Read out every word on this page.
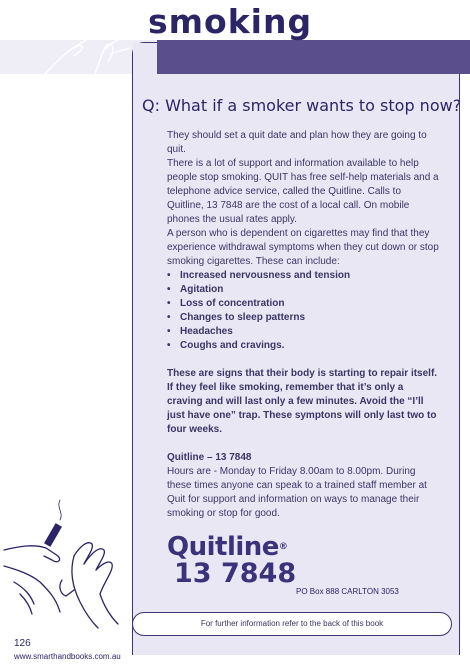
smoking
Q: What if a smoker wants to stop now?

They should set a quit date and plan how they are going to quit.

There is a lot of support and information available to help people stop smoking. QUIT has free self-help materials and a telephone advice service, called the Quitline. Calls to Quitline, 13 7848 are the cost of a local call. On mobile phones the usual rates apply.

A person who is dependent on cigarettes may find that they experience withdrawal symptoms when they cut down or stop smoking cigarettes. These can include:

• Increased nervousness and tension
• Agitation
• Loss of concentration
• Changes to sleep patterns
• Headaches
• Coughs and cravings.

These are signs that their body is starting to repair itself. If they feel like smoking, remember that it’s only a craving and will last only a few minutes. Avoid the “I’ll just have one” trap. These symptons will only last two to four weeks.

Quitline – 13 7848

Hours are - Monday to Friday 8.00am to 8.00pm. During these times anyone can speak to a trained staff member at Quit for support and information on ways to manage their smoking or stop for good.

Quitline®
13 7848
PO Box 888 CARLTON 3053
For further information refer to the back of this book
126
www.smarthandbooks.com.au
